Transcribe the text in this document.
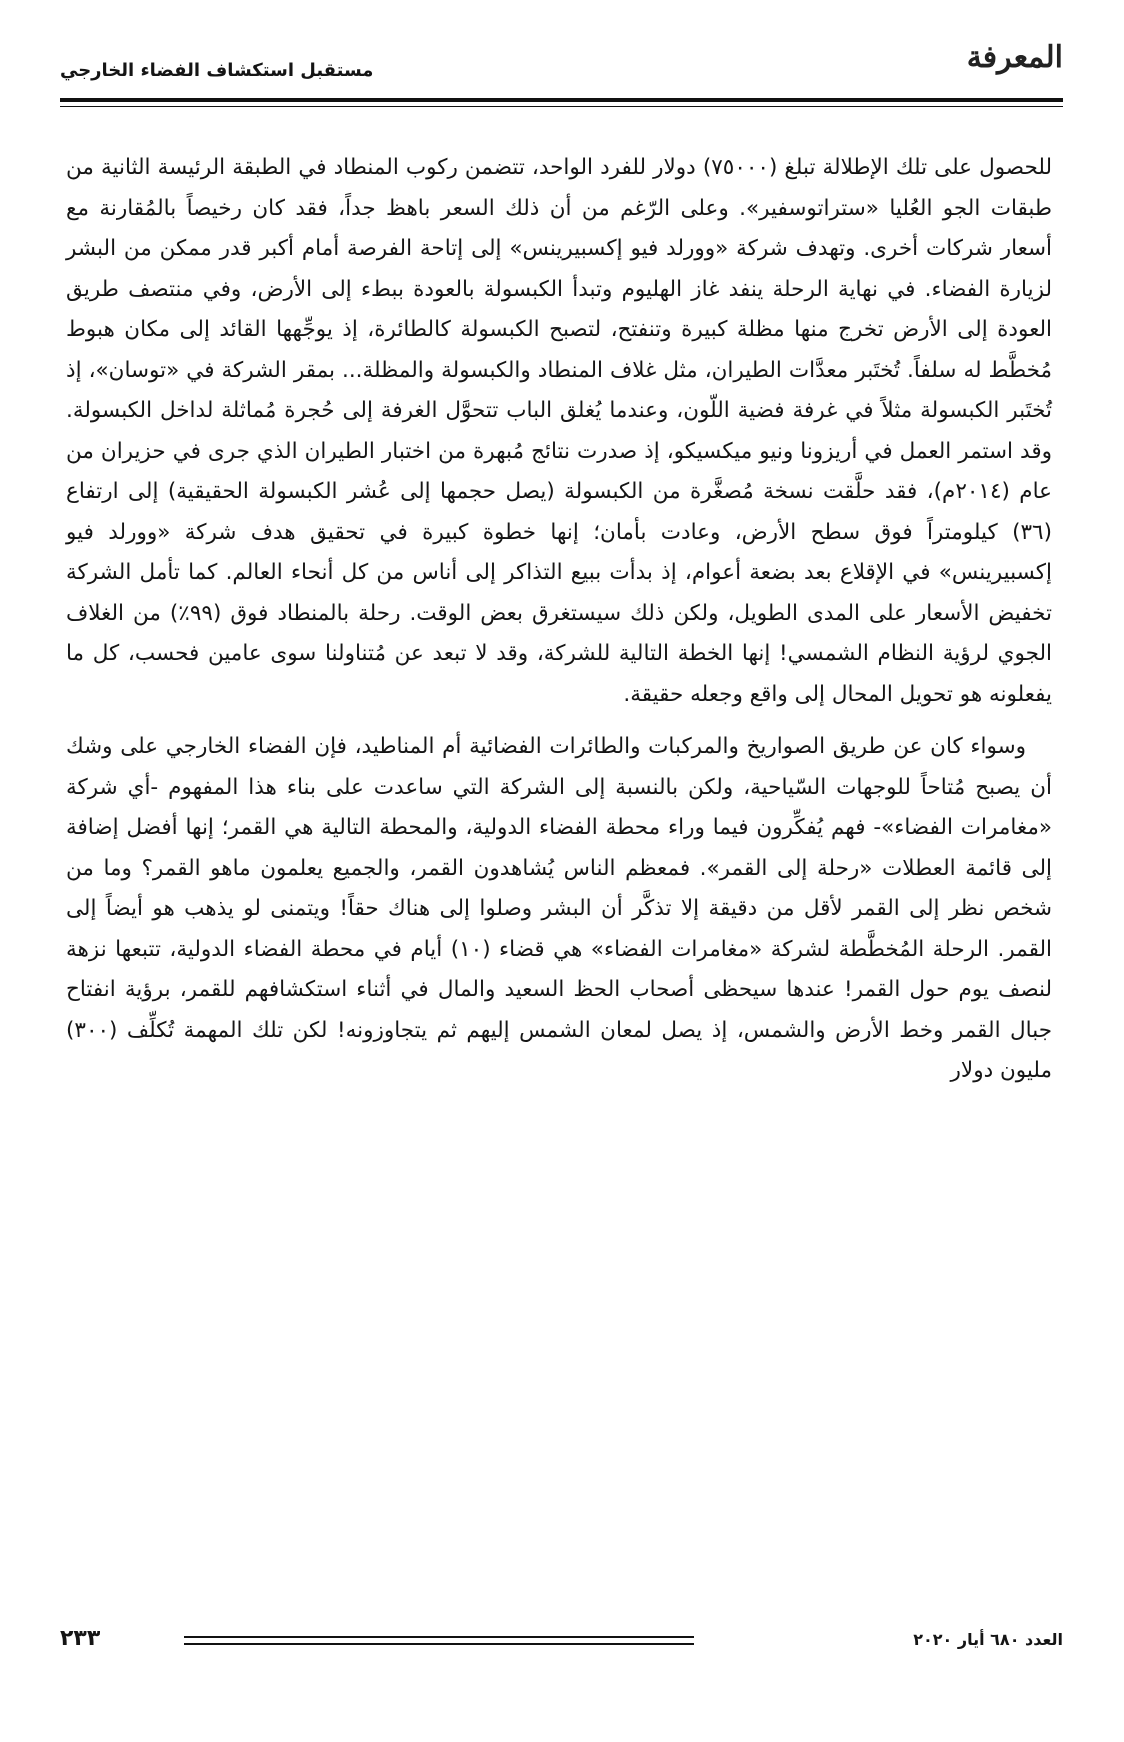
المعرفة
مستقبل استكشاف الفضاء الخارجي

للحصول على تلك الإطلالة تبلغ (٧٥٠٠٠) دولار للفرد الواحد، تتضمن ركوب المنطاد في الطبقة الرئيسة الثانية من طبقات الجو العُليا «ستراتوسفير». وعلى الرّغم من أن ذلك السعر باهظ جداً، فقد كان رخيصاً بالمُقارنة مع أسعار شركات أخرى. وتهدف شركة «وورلد فيو إكسبيرينس» إلى إتاحة الفرصة أمام أكبر قدر ممكن من البشر لزيارة الفضاء. في نهاية الرحلة ينفد غاز الهليوم وتبدأ الكبسولة بالعودة ببطء إلى الأرض، وفي منتصف طريق العودة إلى الأرض تخرج منها مظلة كبيرة وتنفتح، لتصبح الكبسولة كالطائرة، إذ يوجِّهها القائد إلى مكان هبوط مُخطَّط له سلفاً. تُختَبر معدَّات الطيران، مثل غلاف المنطاد والكبسولة والمظلة... بمقر الشركة في «توسان»، إذ تُختَبر الكبسولة مثلاً في غرفة فضية اللّون، وعندما يُغلق الباب تتحوَّل الغرفة إلى حُجرة مُماثلة لداخل الكبسولة. وقد استمر العمل في أريزونا ونيو ميكسيكو، إذ صدرت نتائج مُبهرة من اختبار الطيران الذي جرى في حزيران من عام (٢٠١٤م)، فقد حلَّقت نسخة مُصغَّرة من الكبسولة (يصل حجمها إلى عُشر الكبسولة الحقيقية) إلى ارتفاع (٣٦) كيلومتراً فوق سطح الأرض، وعادت بأمان؛ إنها خطوة كبيرة في تحقيق هدف شركة «وورلد فيو إكسبيرينس» في الإقلاع بعد بضعة أعوام، إذ بدأت ببيع التذاكر إلى أناس من كل أنحاء العالم. كما تأمل الشركة تخفيض الأسعار على المدى الطويل، ولكن ذلك سيستغرق بعض الوقت. رحلة بالمنطاد فوق (٩٩٪) من الغلاف الجوي لرؤية النظام الشمسي! إنها الخطة التالية للشركة، وقد لا تبعد عن مُتناولنا سوى عامين فحسب، كل ما يفعلونه هو تحويل المحال إلى واقع وجعله حقيقة.

وسواء كان عن طريق الصواريخ والمركبات والطائرات الفضائية أم المناطيد، فإن الفضاء الخارجي على وشك أن يصبح مُتاحاً للوجهات السّياحية، ولكن بالنسبة إلى الشركة التي ساعدت على بناء هذا المفهوم -أي شركة «مغامرات الفضاء»- فهم يُفكِّرون فيما وراء محطة الفضاء الدولية، والمحطة التالية هي القمر؛ إنها أفضل إضافة إلى قائمة العطلات «رحلة إلى القمر». فمعظم الناس يُشاهدون القمر، والجميع يعلمون ماهو القمر؟ وما من شخص نظر إلى القمر لأقل من دقيقة إلا تذكَّر أن البشر وصلوا إلى هناك حقاً! ويتمنى لو يذهب هو أيضاً إلى القمر. الرحلة المُخطَّطة لشركة «مغامرات الفضاء» هي قضاء (١٠) أيام في محطة الفضاء الدولية، تتبعها نزهة لنصف يوم حول القمر! عندها سيحظى أصحاب الحظ السعيد والمال في أثناء استكشافهم للقمر، برؤية انفتاح جبال القمر وخط الأرض والشمس، إذ يصل لمعان الشمس إليهم ثم يتجاوزونه! لكن تلك المهمة تُكلِّف (٣٠٠) مليون دولار

العدد ٦٨٠ أيار ٢٠٢٠
٢٣٣
